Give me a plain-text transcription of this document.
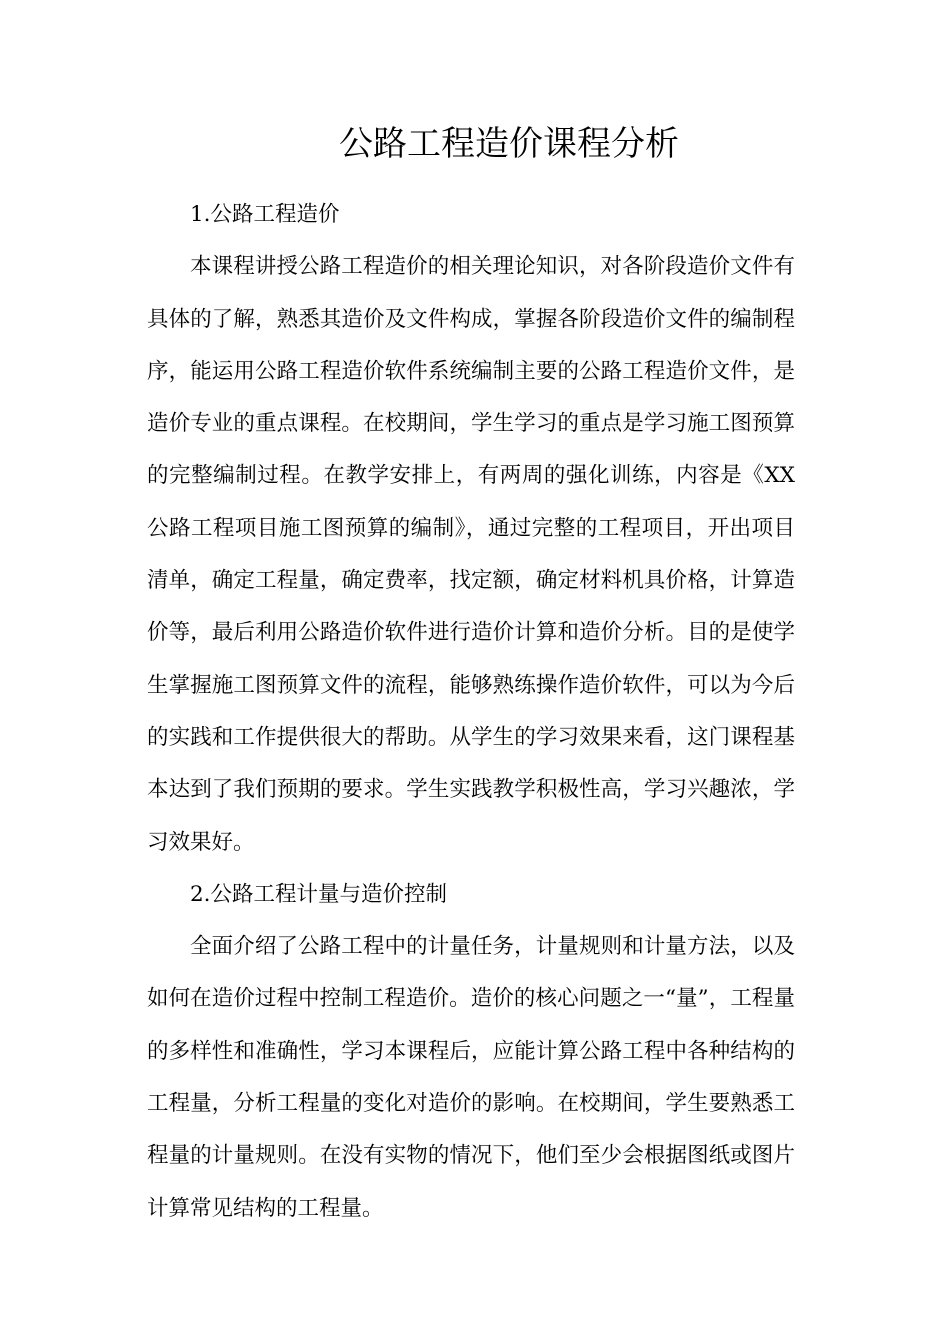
公路工程造价课程分析

1.公路工程造价

本课程讲授公路工程造价的相关理论知识，对各阶段造价文件有具体的了解，熟悉其造价及文件构成，掌握各阶段造价文件的编制程序，能运用公路工程造价软件系统编制主要的公路工程造价文件，是造价专业的重点课程。在校期间，学生学习的重点是学习施工图预算的完整编制过程。在教学安排上，有两周的强化训练，内容是《XX公路工程项目施工图预算的编制》，通过完整的工程项目，开出项目清单，确定工程量，确定费率，找定额，确定材料机具价格，计算造价等，最后利用公路造价软件进行造价计算和造价分析。目的是使学生掌握施工图预算文件的流程，能够熟练操作造价软件，可以为今后的实践和工作提供很大的帮助。从学生的学习效果来看，这门课程基本达到了我们预期的要求。学生实践教学积极性高，学习兴趣浓，学习效果好。

2.公路工程计量与造价控制

全面介绍了公路工程中的计量任务，计量规则和计量方法，以及如何在造价过程中控制工程造价。造价的核心问题之一“量”，工程量的多样性和准确性，学习本课程后，应能计算公路工程中各种结构的工程量，分析工程量的变化对造价的影响。在校期间，学生要熟悉工程量的计量规则。在没有实物的情况下，他们至少会根据图纸或图片计算常见结构的工程量。
